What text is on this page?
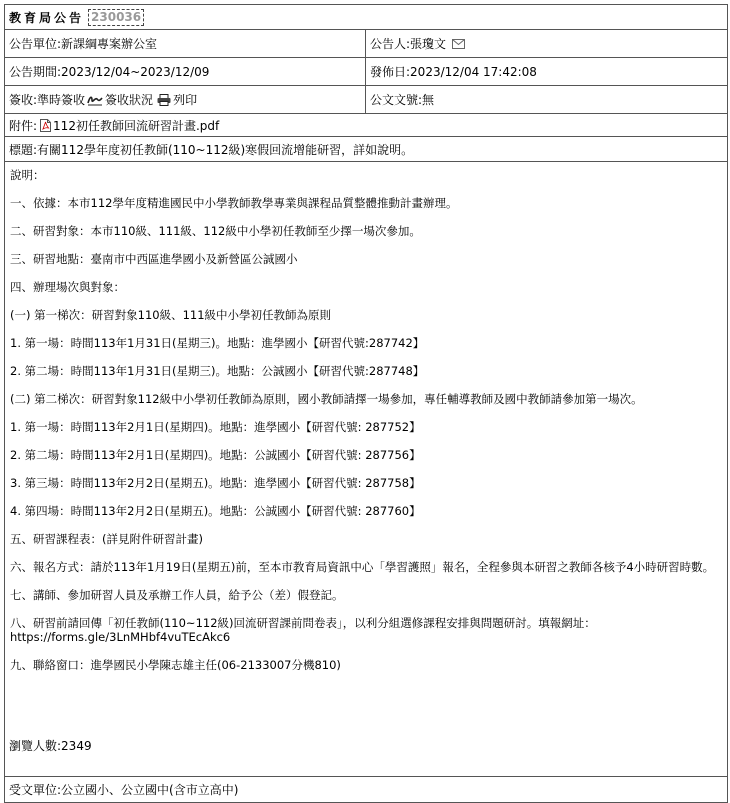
教育局公告 230036
公告單位:新課綱專案辦公室	公告人:張瓊文
公告期間:2023/12/04~2023/12/09	發佈日:2023/12/04 17:42:08
簽收:準時簽收 簽收狀況 列印	公文文號:無
附件: 112初任教師回流研習計畫.pdf
標題:有關112學年度初任教師(110~112級)寒假回流增能研習，詳如說明。

說明：

一、依據：本市112學年度精進國民中小學教師教學專業與課程品質整體推動計畫辦理。

二、研習對象：本市110級、111級、112級中小學初任教師至少擇一場次參加。

三、研習地點：臺南市中西區進學國小及新營區公誠國小

四、辦理場次與對象：

(一) 第一梯次：研習對象110級、111級中小學初任教師為原則

1. 第一場：時間113年1月31日(星期三)。地點：進學國小【研習代號:287742】

2. 第二場：時間113年1月31日(星期三)。地點：公誠國小【研習代號:287748】

(二) 第二梯次：研習對象112級中小學初任教師為原則，國小教師請擇一場參加，專任輔導教師及國中教師請參加第一場次。

1. 第一場：時間113年2月1日(星期四)。地點：進學國小【研習代號: 287752】

2. 第二場：時間113年2月1日(星期四)。地點：公誠國小【研習代號: 287756】

3. 第三場：時間113年2月2日(星期五)。地點：進學國小【研習代號: 287758】

4. 第四場：時間113年2月2日(星期五)。地點：公誠國小【研習代號: 287760】

五、研習課程表：(詳見附件研習計畫)

六、報名方式：請於113年1月19日(星期五)前，至本市教育局資訊中心「學習護照」報名，全程參與本研習之教師各核予4小時研習時數。

七、講師、參加研習人員及承辦工作人員，給予公（差）假登記。

八、研習前請回傳「初任教師(110~112級)回流研習課前問卷表」，以利分組選修課程安排與問題研討。填報網址：https://forms.gle/3LnMHbf4vuTEcAkc6

九、聯絡窗口：進學國民小學陳志雄主任(06-2133007分機810)

受文單位:公立國小、公立國中(含市立高中)
瀏覽人數:2349
